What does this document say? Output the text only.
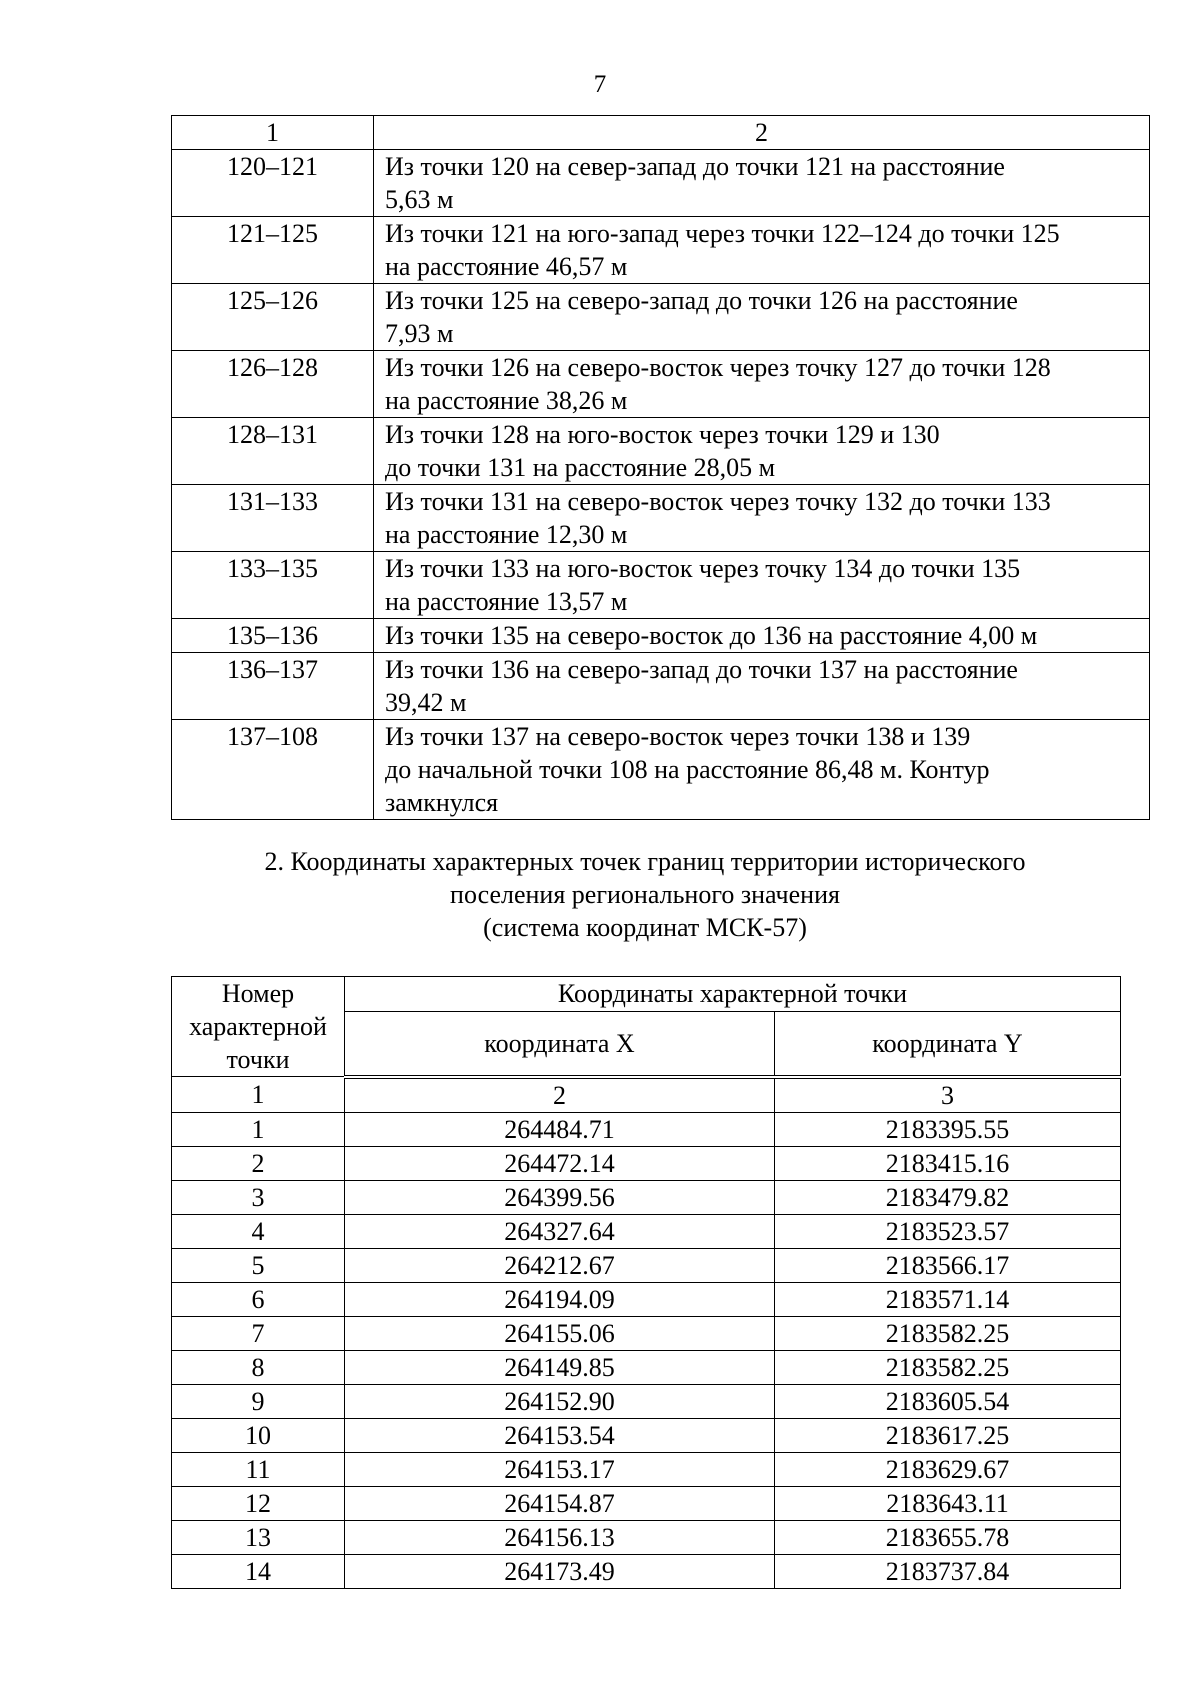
7
1	2
120–121	Из точки 120 на север-запад до точки 121 на расстояние
5,63 м

121–125	Из точки 121 на юго-запад через точки 122–124 до точки 125
на расстояние 46,57 м

125–126	Из точки 125 на северо-запад до точки 126 на расстояние
7,93 м

126–128	Из точки 126 на северо-восток через точку 127 до точки 128
на расстояние 38,26 м

128–131	Из точки 128 на юго-восток через точки 129 и 130
до точки 131 на расстояние 28,05 м

131–133	Из точки 131 на северо-восток через точку 132 до точки 133
на расстояние 12,30 м

133–135	Из точки 133 на юго-восток через точку 134 до точки 135
на расстояние 13,57 м

135–136	Из точки 135 на северо-восток до 136 на расстояние 4,00 м

136–137	Из точки 136 на северо-запад до точки 137 на расстояние
39,42 м

137–108	Из точки 137 на северо-восток через точки 138 и 139
до начальной точки 108 на расстояние 86,48 м. Контур
замкнулся
2. Координаты характерных точек границ территории исторического
поселения регионального значения
(система координат МСК-57)
Номер
характерной
точки	Координаты характерной точки	
	координата X	координата Y
1	2	3
1	264484.71	2183395.55
2	264472.14	2183415.16
3	264399.56	2183479.82
4	264327.64	2183523.57
5	264212.67	2183566.17
6	264194.09	2183571.14
7	264155.06	2183582.25
8	264149.85	2183582.25
9	264152.90	2183605.54
10	264153.54	2183617.25
11	264153.17	2183629.67
12	264154.87	2183643.11
13	264156.13	2183655.78
14	264173.49	2183737.84
